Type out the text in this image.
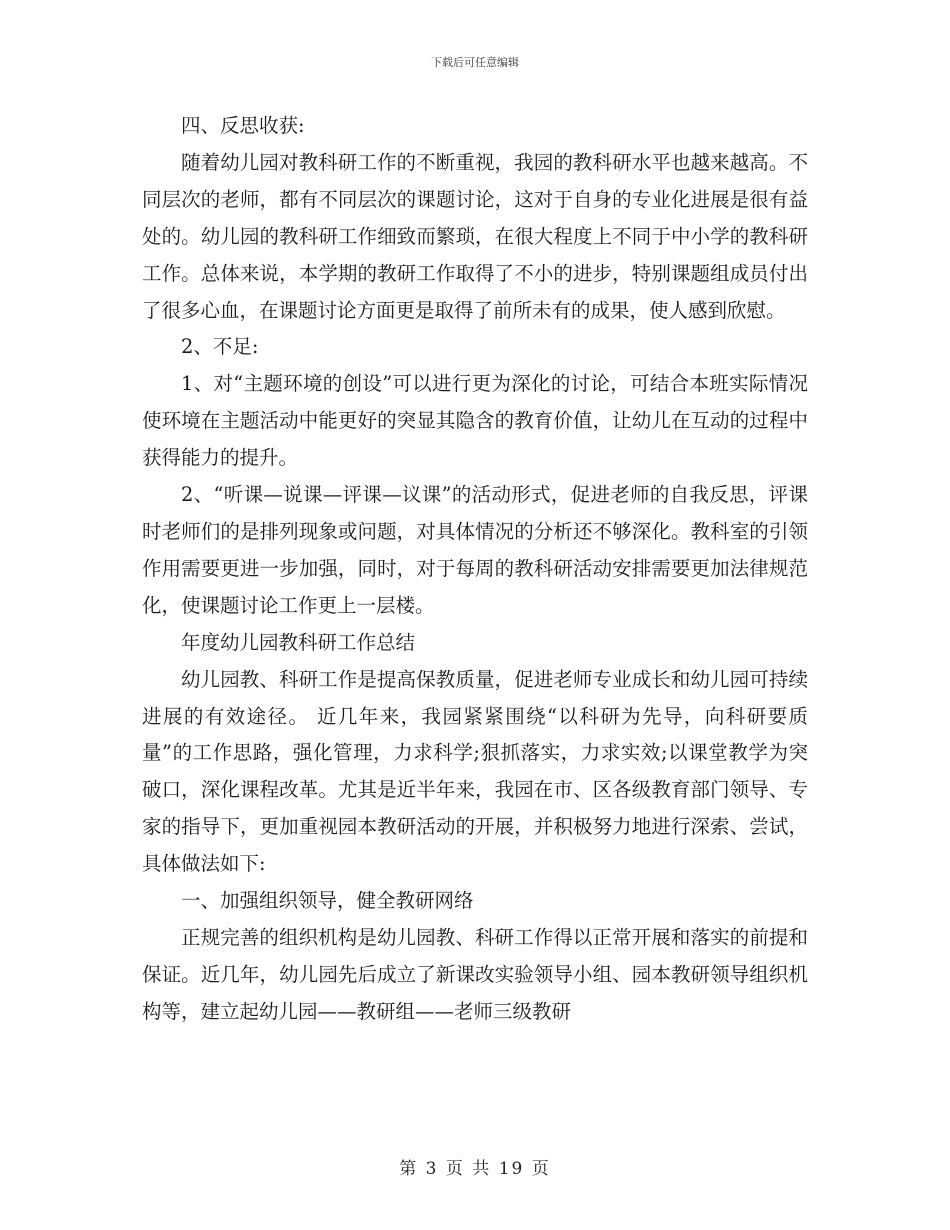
下载后可任意编辑

四、反思收获:

随着幼儿园对教科研工作的不断重视，我园的教科研水平也越来越高。不同层次的老师，都有不同层次的课题讨论，这对于自身的专业化进展是很有益处的。幼儿园的教科研工作细致而繁琐，在很大程度上不同于中小学的教科研工作。总体来说，本学期的教研工作取得了不小的进步，特别课题组成员付出了很多心血，在课题讨论方面更是取得了前所未有的成果，使人感到欣慰。

2、不足:

1、对“主题环境的创设”可以进行更为深化的讨论，可结合本班实际情况使环境在主题活动中能更好的突显其隐含的教育价值，让幼儿在互动的过程中获得能力的提升。

2、“听课—说课—评课—议课”的活动形式，促进老师的自我反思，评课时老师们的是排列现象或问题，对具体情况的分析还不够深化。教科室的引领作用需要更进一步加强，同时，对于每周的教科研活动安排需要更加法律规范化，使课题讨论工作更上一层楼。

年度幼儿园教科研工作总结

幼儿园教、科研工作是提高保教质量，促进老师专业成长和幼儿园可持续进展的有效途径。 近几年来，我园紧紧围绕“以科研为先导，向科研要质量”的工作思路，强化管理，力求科学;狠抓落实，力求实效;以课堂教学为突破口，深化课程改革。尤其是近半年来，我园在市、区各级教育部门领导、专家的指导下，更加重视园本教研活动的开展，并积极努力地进行深索、尝试，具体做法如下:

一、加强组织领导，健全教研网络

正规完善的组织机构是幼儿园教、科研工作得以正常开展和落实的前提和保证。近几年，幼儿园先后成立了新课改实验领导小组、园本教研领导组织机构等，建立起幼儿园——教研组——老师三级教研

第 3 页 共 19 页
